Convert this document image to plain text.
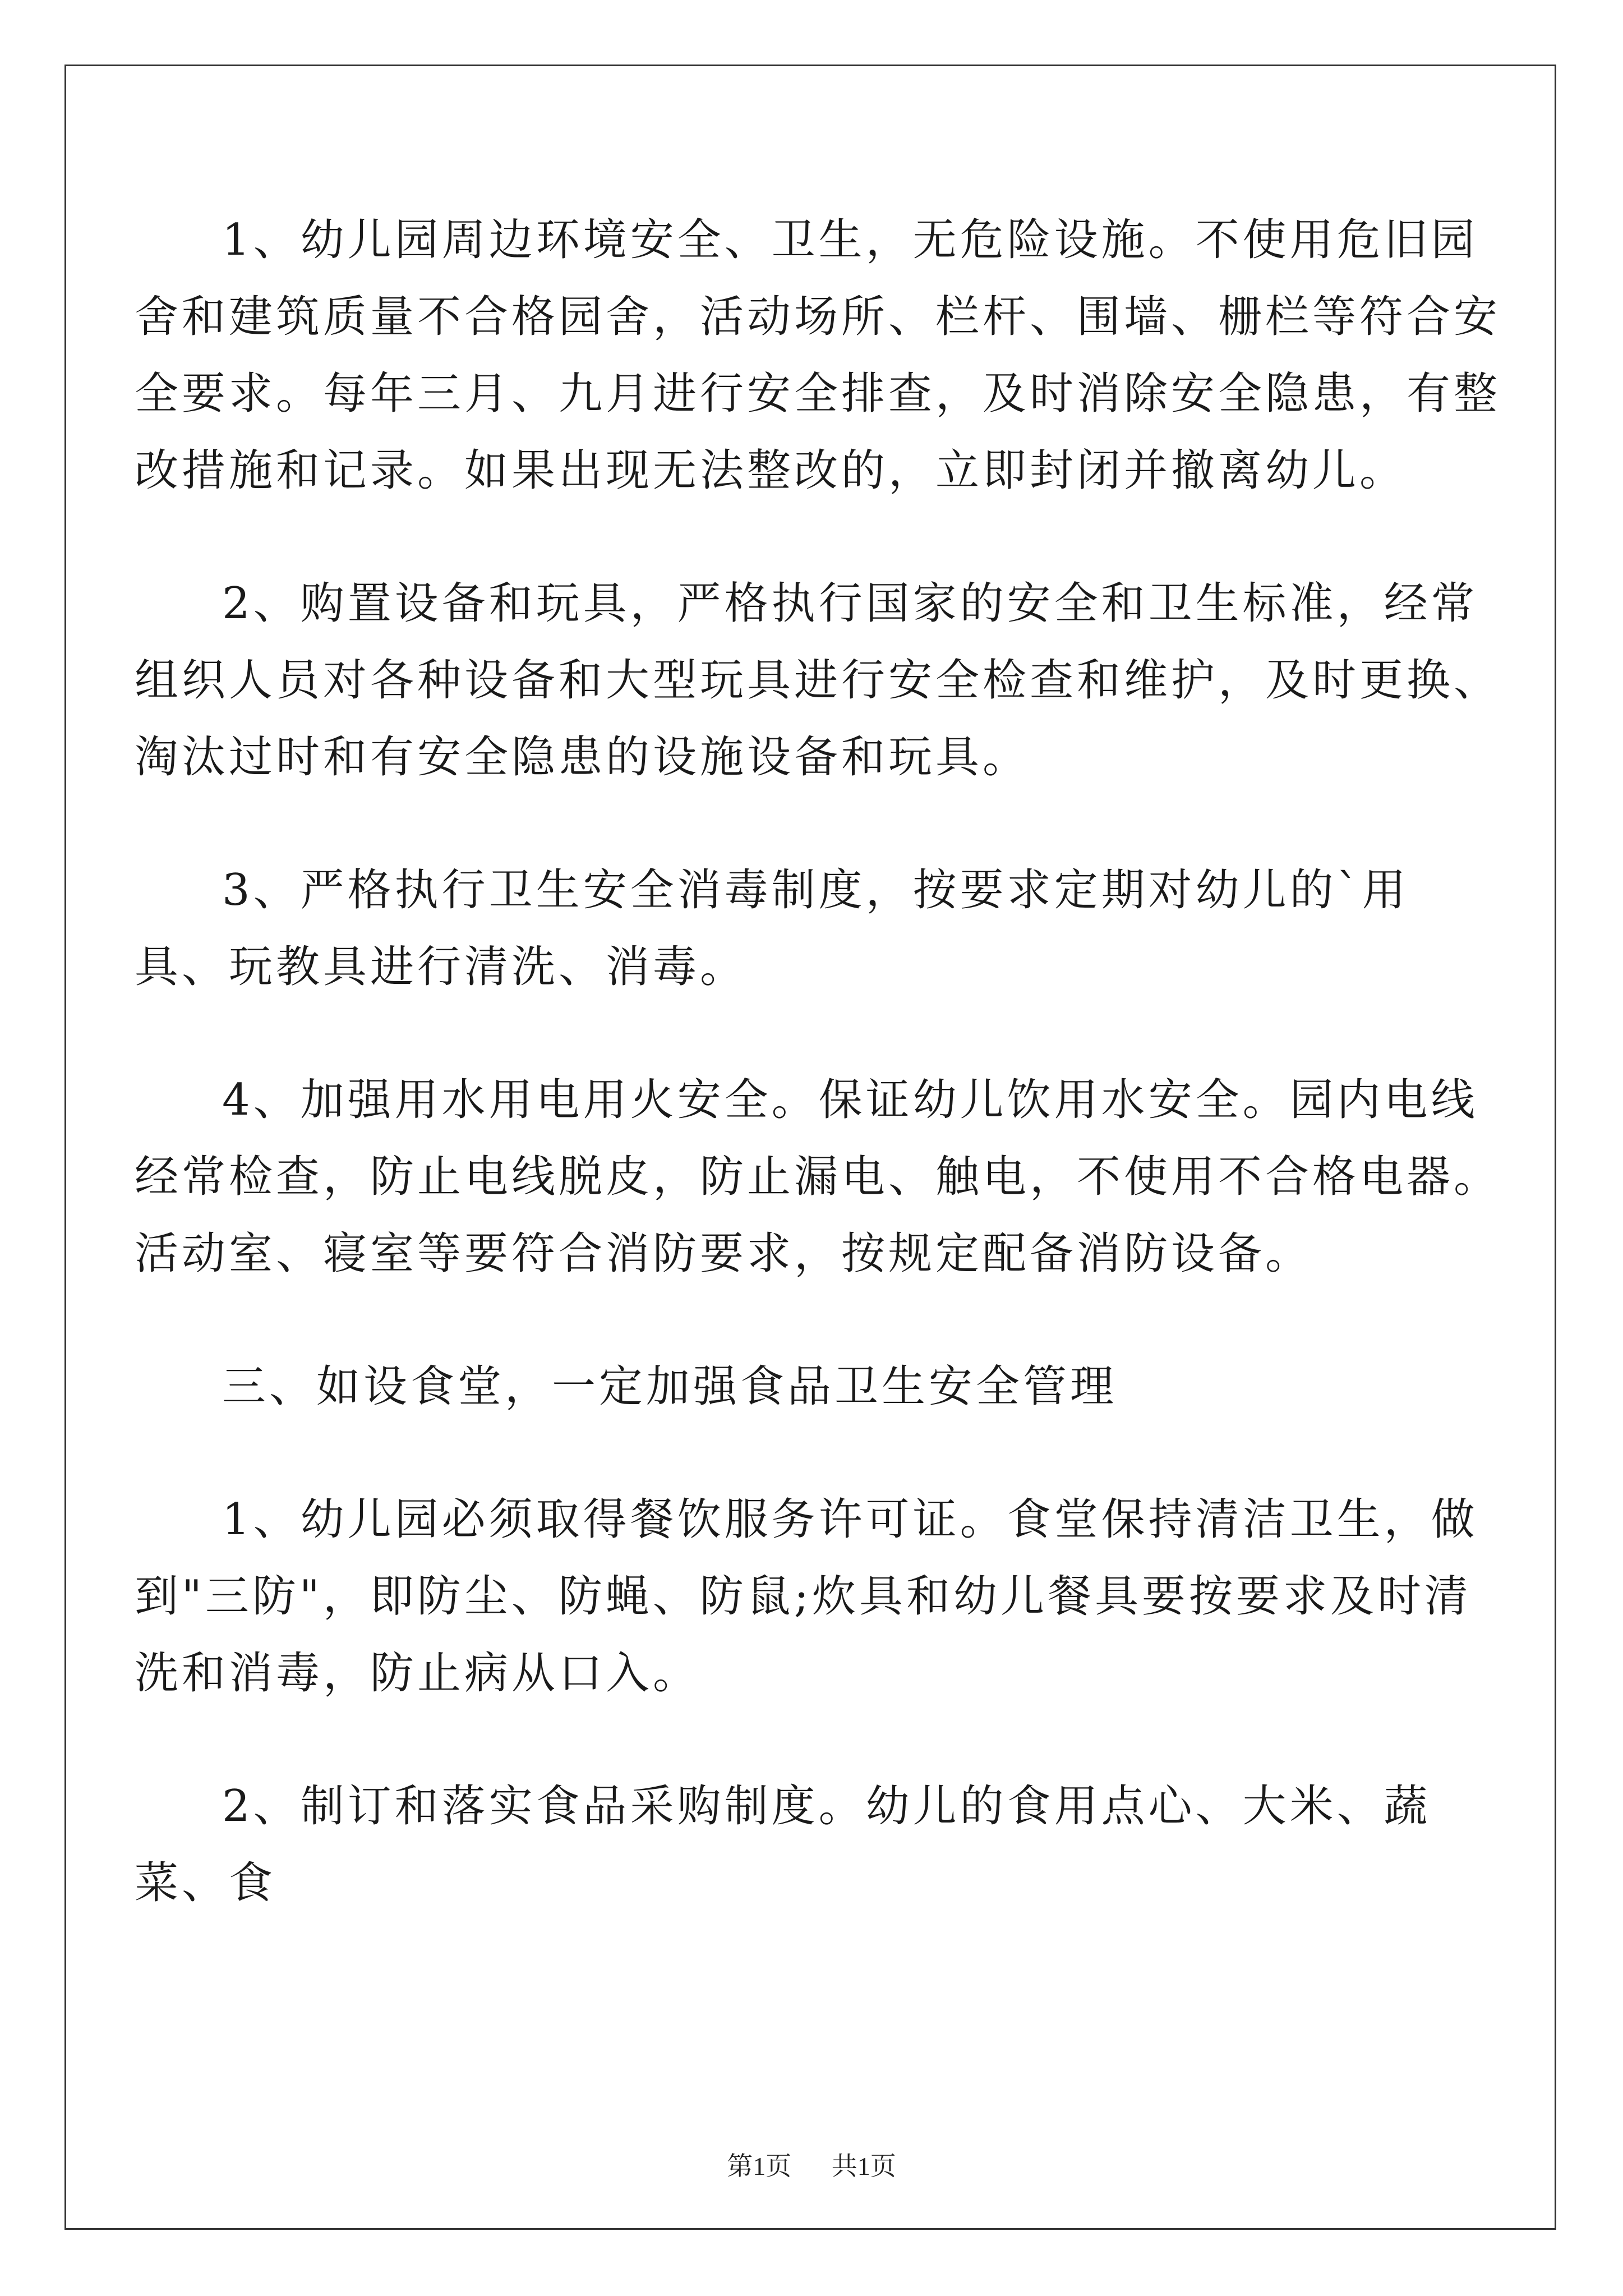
1、幼儿园周边环境安全、卫生，无危险设施。不使用危旧园舍和建筑质量不合格园舍，活动场所、栏杆、围墙、栅栏等符合安全要求。每年三月、九月进行安全排查，及时消除安全隐患，有整改措施和记录。如果出现无法整改的，立即封闭并撤离幼儿。

2、购置设备和玩具，严格执行国家的安全和卫生标准，经常组织人员对各种设备和大型玩具进行安全检查和维护，及时更换、淘汰过时和有安全隐患的设施设备和玩具。

3、严格执行卫生安全消毒制度，按要求定期对幼儿的`用具、玩教具进行清洗、消毒。

4、加强用水用电用火安全。保证幼儿饮用水安全。园内电线经常检查，防止电线脱皮，防止漏电、触电，不使用不合格电器。活动室、寝室等要符合消防要求，按规定配备消防设备。

三、如设食堂，一定加强食品卫生安全管理

1、幼儿园必须取得餐饮服务许可证。食堂保持清洁卫生，做到"三防"，即防尘、防蝇、防鼠;炊具和幼儿餐具要按要求及时清洗和消毒，防止病从口入。

2、制订和落实食品采购制度。幼儿的食用点心、大米、蔬菜、食

第1页 共1页
